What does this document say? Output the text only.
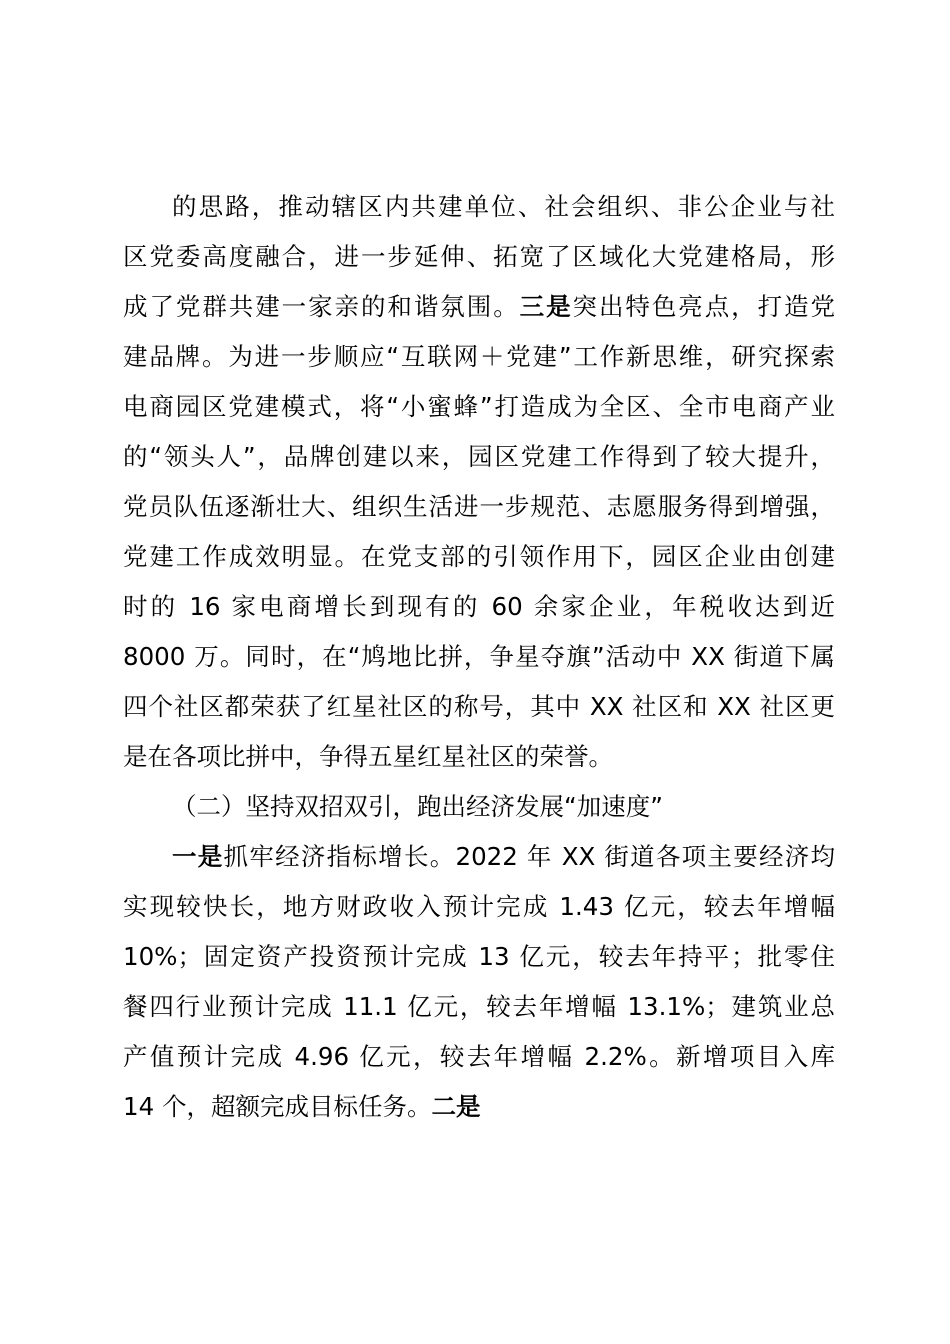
的思路，推动辖区内共建单位、社会组织、非公企业与社
区党委高度融合，进一步延伸、拓宽了区域化大党建格局，形
成了党群共建一家亲的和谐氛围。三是突出特色亮点，打造党
建品牌。为进一步顺应“互联网＋党建”工作新思维，研究探索
电商园区党建模式，将“小蜜蜂”打造成为全区、全市电商产业
的“领头人”，品牌创建以来，园区党建工作得到了较大提升，
党员队伍逐渐壮大、组织生活进一步规范、志愿服务得到增强，
党建工作成效明显。在党支部的引领作用下，园区企业由创建
时的 16 家电商增长到现有的 60 余家企业，年税收达到近
8000 万。同时，在“鸠地比拼，争星夺旗”活动中 XX 街道下属
四个社区都荣获了红星社区的称号，其中 XX 社区和 XX 社区更
是在各项比拼中，争得五星红星社区的荣誉。
（二）坚持双招双引，跑出经济发展“加速度”
一是抓牢经济指标增长。2022 年 XX 街道各项主要经济均
实现较快长，地方财政收入预计完成 1.43 亿元，较去年增幅
10%；固定资产投资预计完成 13 亿元，较去年持平；批零住
餐四行业预计完成 11.1 亿元，较去年增幅 13.1%；建筑业总
产值预计完成 4.96 亿元，较去年增幅 2.2%。新增项目入库
14 个，超额完成目标任务。二是
